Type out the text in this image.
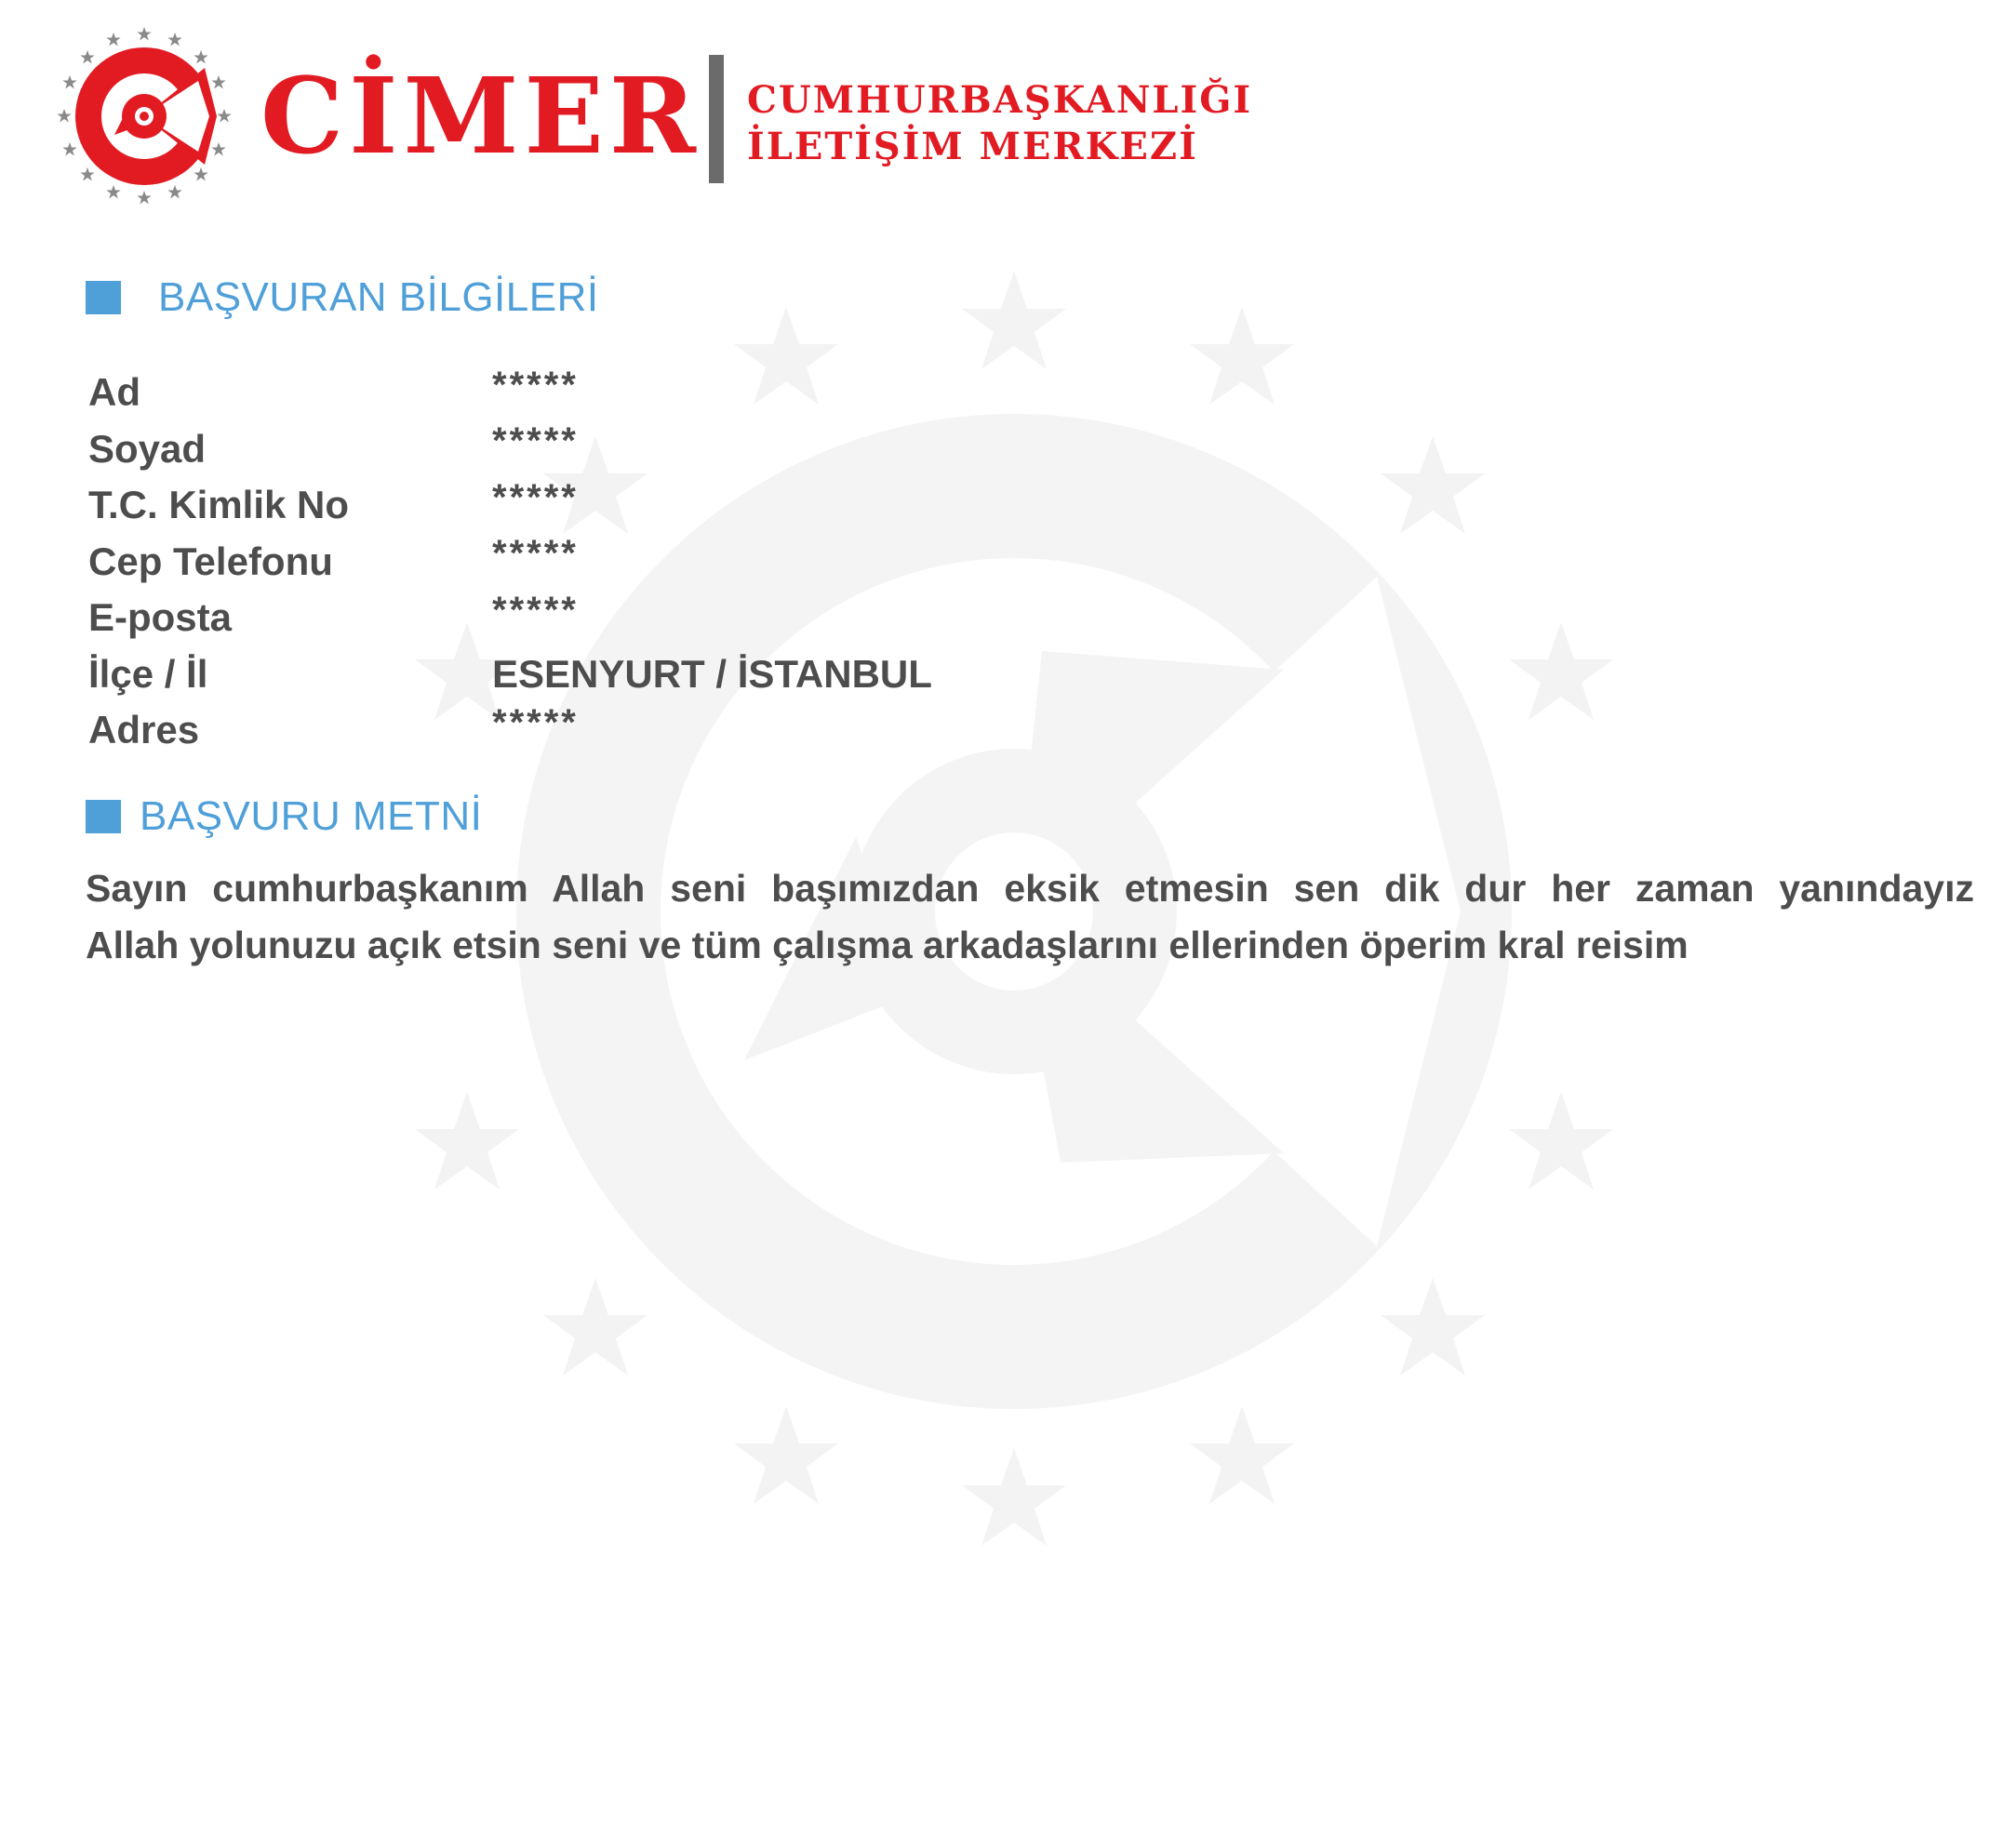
CİMER CUMHURBAŞKANLIĞI
İLETİŞİM MERKEZİ
BAŞVURAN BİLGİLERİ
Ad	*****
Soyad	*****
T.C. Kimlik No	*****
Cep Telefonu	*****
E-posta	*****
İlçe / İl	ESENYURT / İSTANBUL
Adres	*****
BAŞVURU METNİ
Sayın cumhurbaşkanım Allah seni başımızdan eksik etmesin sen dik dur her zaman yanındayız
Allah yolunuzu açık etsin seni ve tüm çalışma arkadaşlarını ellerinden öperim kral reisim
